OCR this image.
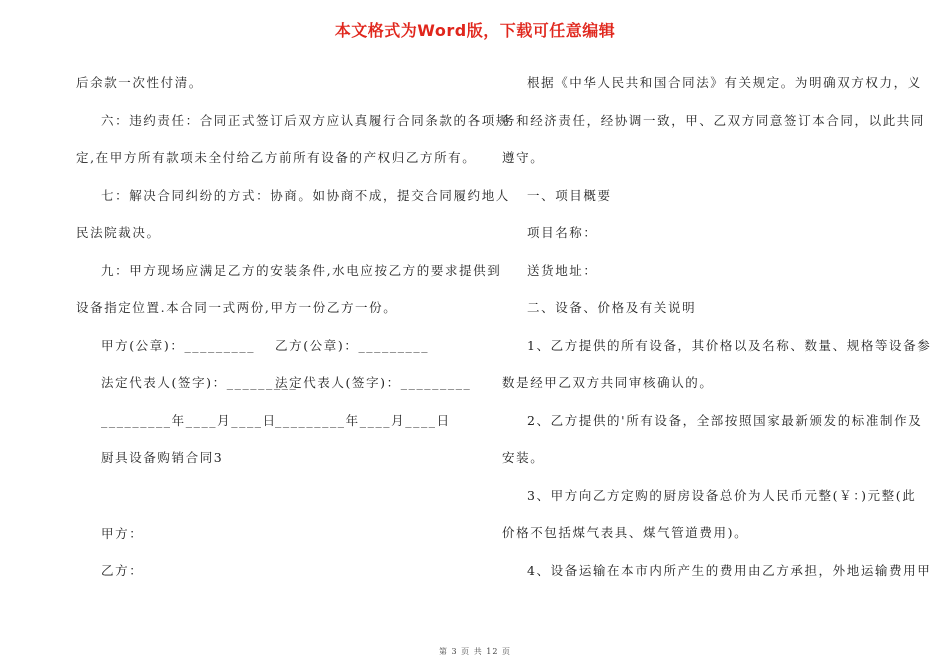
本文格式为Word版，下载可任意编辑

后余款一次性付清。

六：违约责任：合同正式签订后双方应认真履行合同条款的各项规

定,在甲方所有款项未全付给乙方前所有设备的产权归乙方所有。

七：解决合同纠纷的方式：协商。如协商不成，提交合同履约地人

民法院裁决。

九：甲方现场应满足乙方的安装条件,水电应按乙方的要求提供到

设备指定位置.本合同一式两份,甲方一份乙方一份。

甲方(公章)：_________	乙方(公章)：_________
法定代表人(签字)：_________
法定代表人(签字)：_________
_________年____月____日
_________年____月____日

厨具设备购销合同3

甲方：

乙方：

根据《中华人民共和国合同法》有关规定。为明确双方权力，义

务和经济责任，经协调一致，甲、乙双方同意签订本合同，以此共同

遵守。

一、项目概要

项目名称：

送货地址：

二、设备、价格及有关说明

1、乙方提供的所有设备，其价格以及名称、数量、规格等设备参

数是经甲乙双方共同审核确认的。

2、乙方提供的'所有设备，全部按照国家最新颁发的标准制作及

安装。

3、甲方向乙方定购的厨房设备总价为人民币元整(￥：)元整(此

价格不包括煤气表具、煤气管道费用)。

4、设备运输在本市内所产生的费用由乙方承担，外地运输费用甲

第 3 页 共 12 页
